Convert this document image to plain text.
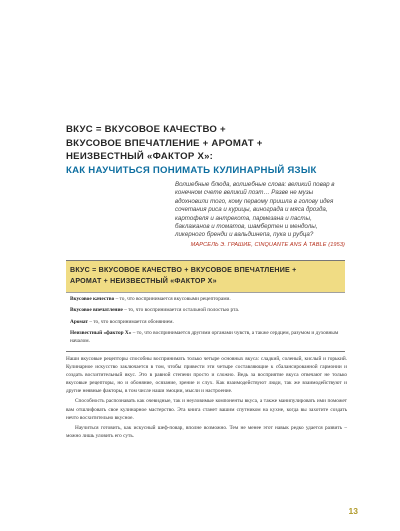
ВКУС = ВКУСОВОЕ КАЧЕСТВО +
ВКУСОВОЕ ВПЕЧАТЛЕНИЕ + АРОМАТ +
НЕИЗВЕСТНЫЙ «ФАКТОР X»:
КАК НАУЧИТЬСЯ ПОНИМАТЬ КУЛИНАРНЫЙ ЯЗЫК

Волшебные блюда, волшебные слова: великий повар в конечном счете великий поэт… Разве не музы вдохновили того, кому первому пришла в голову идея сочетания риса и курицы, винограда и мяса дрозда, картофеля и антрекота, пармезана и пасты, баклажанов и томатов, шамбертен и мендолы, ликерного бренди и вальдшнепа, пука и рубца?

МАРСЕЛЬ Э. ГРАШИЕ, CINQUANTE ANS À TABLE (1953)

ВКУС = ВКУСОВОЕ КАЧЕСТВО + ВКУСОВОЕ ВПЕЧАТЛЕНИЕ +
АРОМАТ + НЕИЗВЕСТНЫЙ «ФАКТОР X»

Вкусовое качество – то, что воспринимается вкусовыми рецепторами.

Вкусовое впечатление – то, что воспринимается остальной полостью рта.

Аромат – то, что воспринимается обонянием.

Неизвестный «фактор X» – то, что воспринимается другими органами чувств, а также сердцем, разумом и духовным началом.

Наши вкусовые рецепторы способны воспринимать только четыре основных вкуса: сладкий, соленый, кислый и горький. Кулинарное искусство заключается в том, чтобы привести эти четыре составляющие к сбалансированной гармонии и создать восхитительный вкус. Это в равной степени просто и сложно. Ведь за восприятие вкуса отвечают не только вкусовые рецепторы, но и обоняние, осязание, зрение и слух. Как взаимодействуют люди, так же взаимодействуют и другие неявные факторы, в том числе наши эмоции, мысли и настроение.

Способность распознавать как очевидные, так и неуловимые компоненты вкуса, а также манипулировать ими поможет вам отшлифовать свое кулинарное мастерство. Эта книга станет вашим спутником на кухне, когда вы захотите создать нечто восхитительно вкусное.

Научиться готовить, как искусный шеф-повар, вполне возможно. Тем не менее этот навык редко удается развить – можно лишь уловить его суть.

13
